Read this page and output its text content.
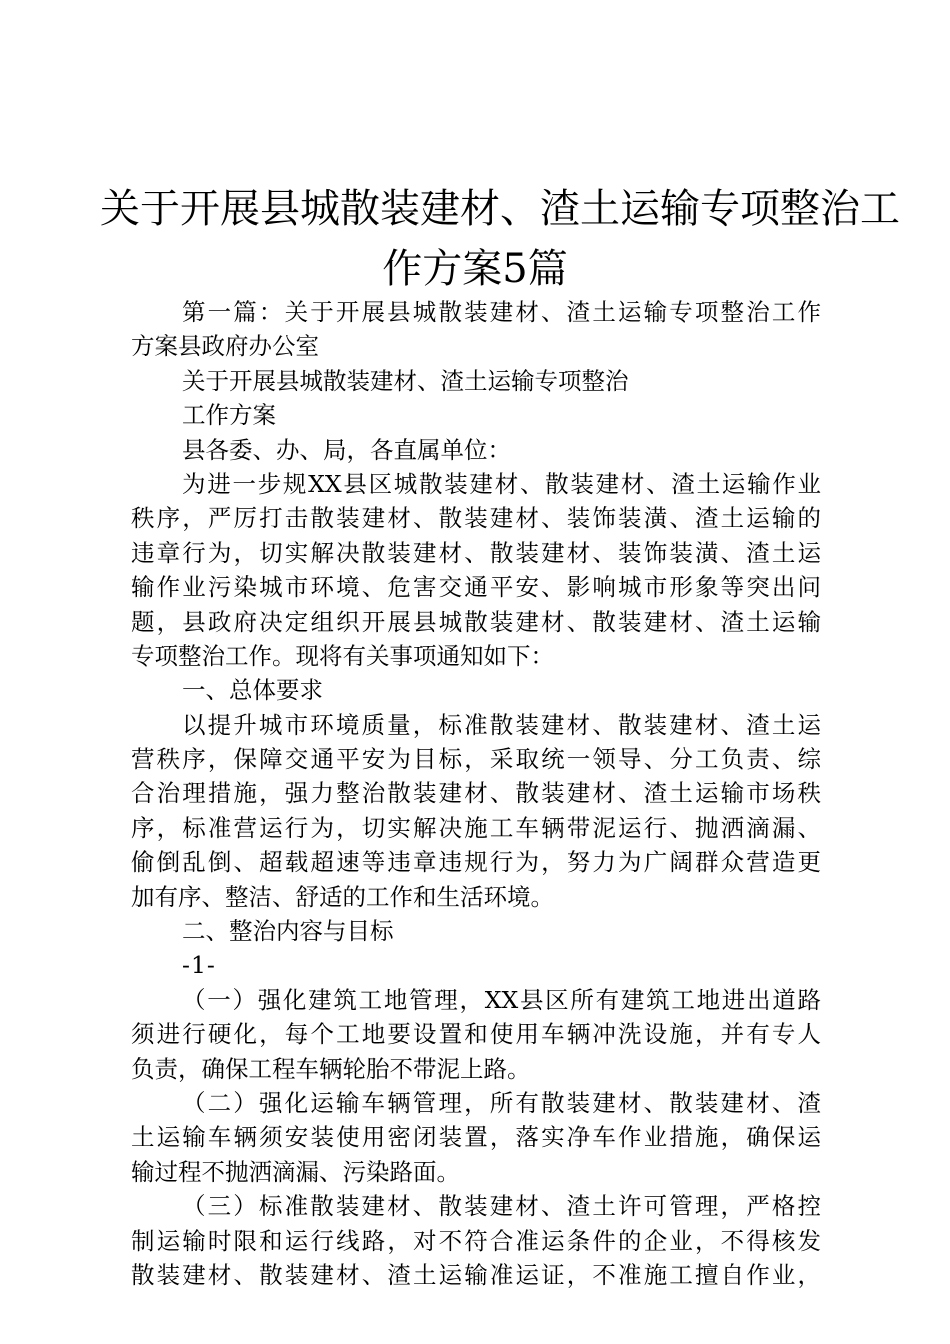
关于开展县城散装建材、渣土运输专项整治工
作方案5篇
第一篇：关于开展县城散装建材、渣土运输专项整治工作
方案县政府办公室
关于开展县城散装建材、渣土运输专项整治
工作方案
县各委、办、局，各直属单位：
为进一步规XX县区城散装建材、散装建材、渣土运输作业
秩序，严厉打击散装建材、散装建材、装饰装潢、渣土运输的
违章行为，切实解决散装建材、散装建材、装饰装潢、渣土运
输作业污染城市环境、危害交通平安、影响城市形象等突出问
题，县政府决定组织开展县城散装建材、散装建材、渣土运输
专项整治工作。现将有关事项通知如下：
一、总体要求
以提升城市环境质量，标准散装建材、散装建材、渣土运
营秩序，保障交通平安为目标，采取统一领导、分工负责、综
合治理措施，强力整治散装建材、散装建材、渣土运输市场秩
序，标准营运行为，切实解决施工车辆带泥运行、抛洒滴漏、
偷倒乱倒、超载超速等违章违规行为，努力为广阔群众营造更
加有序、整洁、舒适的工作和生活环境。
二、整治内容与目标
-1-
（一）强化建筑工地管理，XX县区所有建筑工地进出道路
须进行硬化，每个工地要设置和使用车辆冲洗设施，并有专人
负责，确保工程车辆轮胎不带泥上路。
（二）强化运输车辆管理，所有散装建材、散装建材、渣
土运输车辆须安装使用密闭装置，落实净车作业措施，确保运
输过程不抛洒滴漏、污染路面。
（三）标准散装建材、散装建材、渣土许可管理，严格控
制运输时限和运行线路，对不符合准运条件的企业，不得核发
散装建材、散装建材、渣土运输准运证，不准施工擅自作业，
